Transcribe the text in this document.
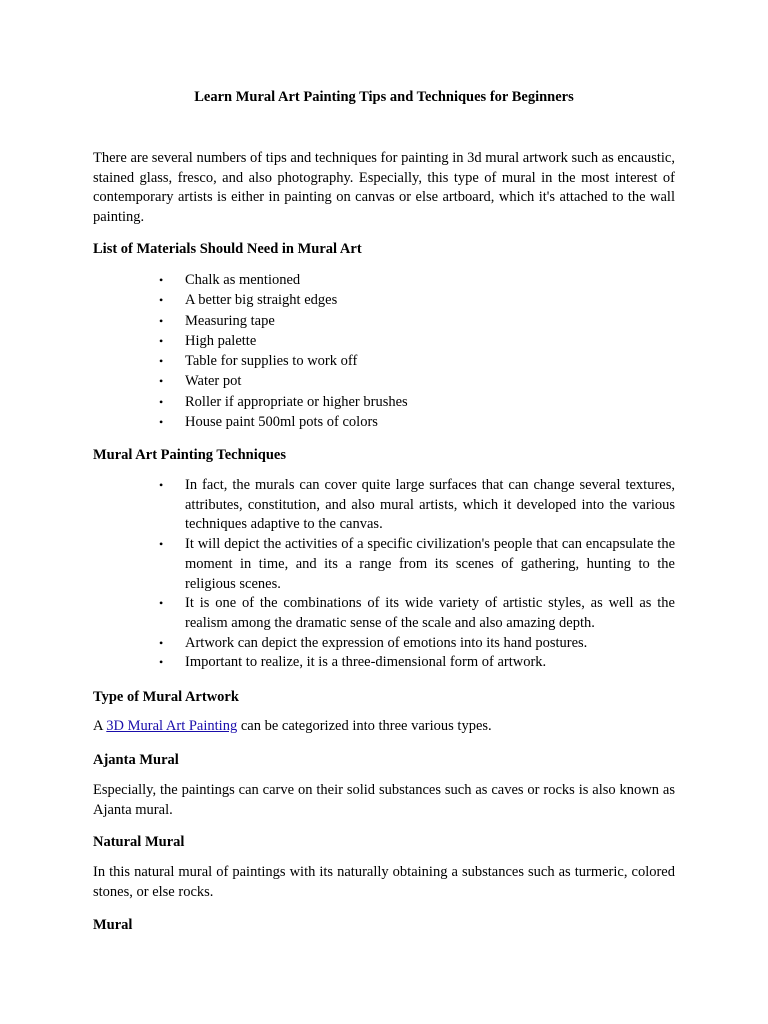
Learn Mural Art Painting Tips and Techniques for Beginners

There are several numbers of tips and techniques for painting in 3d mural artwork such as encaustic, stained glass, fresco, and also photography. Especially, this type of mural in the most interest of contemporary artists is either in painting on canvas or else artboard, which it's attached to the wall painting.

List of Materials Should Need in Mural Art
• Chalk as mentioned
• A better big straight edges
• Measuring tape
• High palette
• Table for supplies to work off
• Water pot
• Roller if appropriate or higher brushes
• House paint 500ml pots of colors
Mural Art Painting Techniques
• In fact, the murals can cover quite large surfaces that can change several textures, attributes, constitution, and also mural artists, which it developed into the various techniques adaptive to the canvas.
• It will depict the activities of a specific civilization's people that can encapsulate the moment in time, and its a range from its scenes of gathering, hunting to the religious scenes.
• It is one of the combinations of its wide variety of artistic styles, as well as the realism among the dramatic sense of the scale and also amazing depth.
• Artwork can depict the expression of emotions into its hand postures.
• Important to realize, it is a three-dimensional form of artwork.
Type of Mural Artwork

A 3D Mural Art Painting can be categorized into three various types.

Ajanta Mural

Especially, the paintings can carve on their solid substances such as caves or rocks is also known as Ajanta mural.

Natural Mural

In this natural mural of paintings with its naturally obtaining a substances such as turmeric, colored stones, or else rocks.

Mural
